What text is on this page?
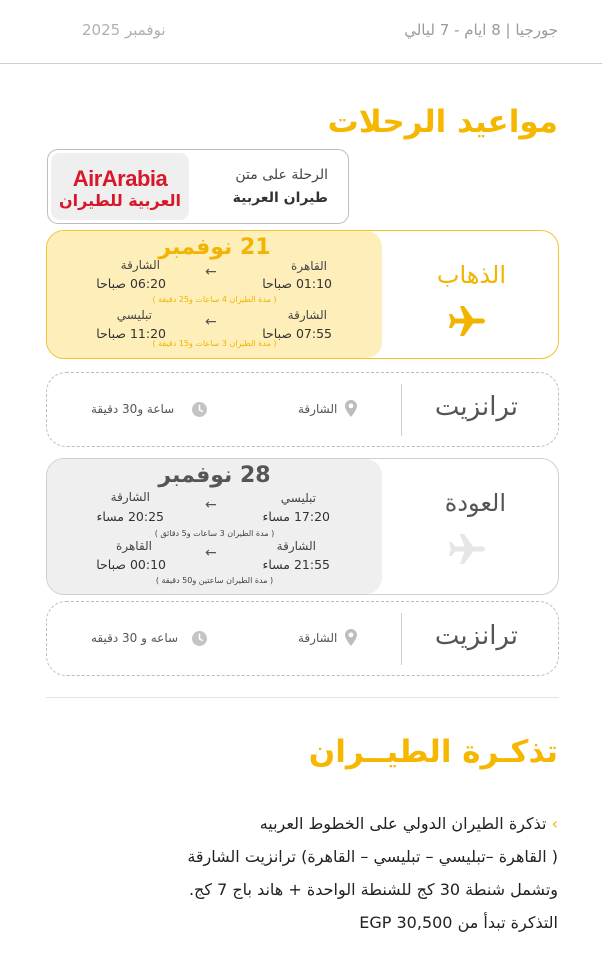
جورجيا | 8 ايام - 7 ليالي
نوفمبر 2025
مواعيد الرحلات
AirArabia
العربية للطيران
الرحلة على متن
طيران العربية
21 نوفمبر
القاهرة
01:10 صباحا
←
الشارقة
06:20 صباحا
( مدة الطيران 4 ساعات و25 دقيقة )
الشارقة
07:55 صباحا
←
تبليسي
11:20 صباحا
( مدة الطيران 3 ساعات و15 دقيقة )
الذهاب
ترانزيت
الشارقة
ساعة و30 دقيقة
28 نوفمبر
تبليسي
17:20 مساء
←
الشارقة
20:25 مساء
( مدة الطيران 3 ساعات و5 دقائق )
الشارقة
21:55 مساء
←
القاهرة
00:10 صباحا
( مدة الطيران ساعتين و50 دقيقة )
العودة
ترانزيت
الشارقة
ساعه و 30 دقيقه
تذكـرة الطيــران
› تذكرة الطيران الدولي على الخطوط العربيه
( القاهرة –تبليسي – تبليسي – القاهرة) ترانزيت الشارقة
وتشمل شنطة 30 كج للشنطة الواحدة + هاند باج 7 كج.
التذكرة تبدأ من EGP 30,500
